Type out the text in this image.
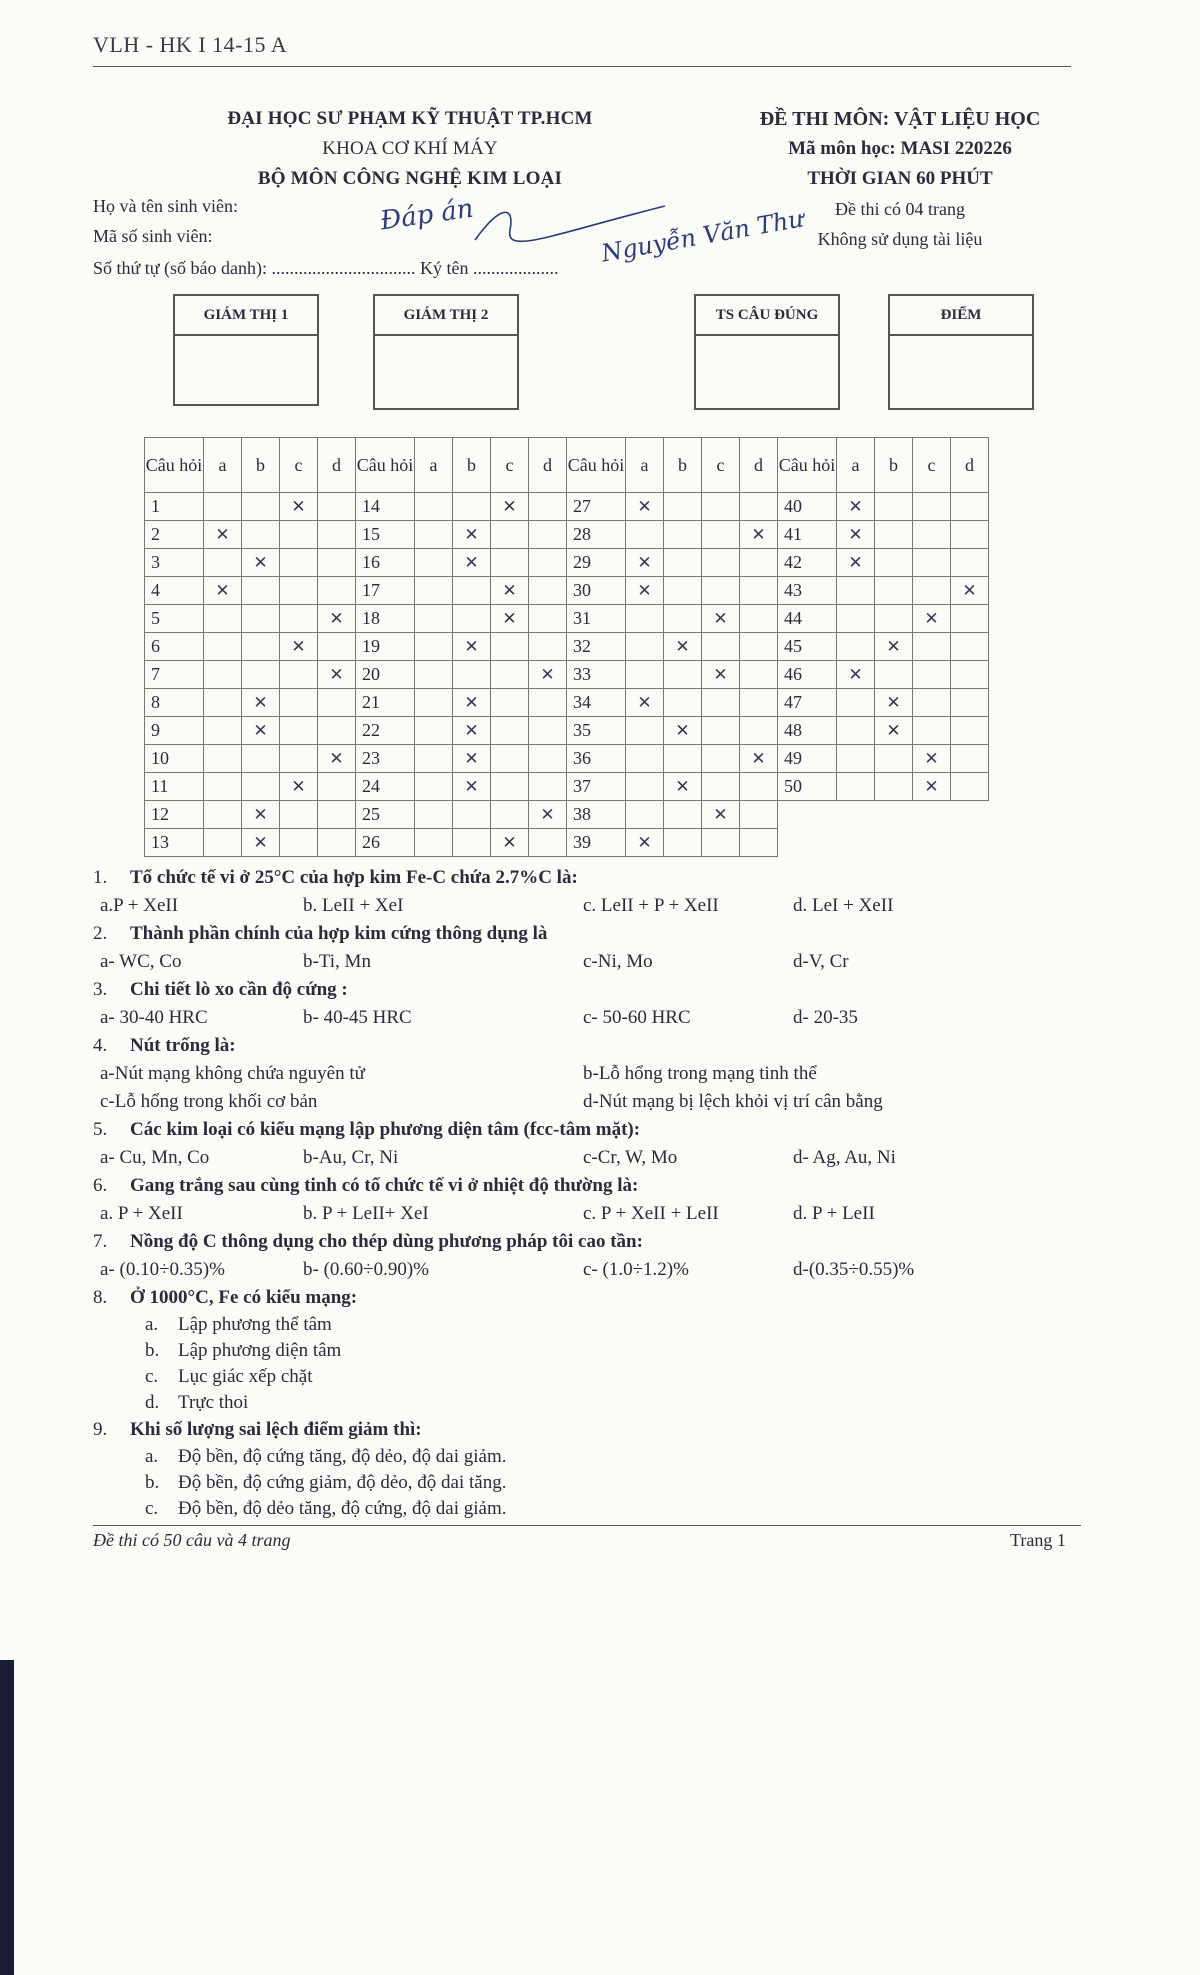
VLH - HK I 14-15 A
ĐẠI HỌC SƯ PHẠM KỸ THUẬT TP.HCM
KHOA CƠ KHÍ MÁY
BỘ MÔN CÔNG NGHỆ KIM LOẠI
ĐỀ THI MÔN: VẬT LIỆU HỌC
Mã môn học: MASI 220226
THỜI GIAN 60 PHÚT
Đề thi có 04 trang
Không sử dụng tài liệu
Họ và tên sinh viên:
Mã số sinh viên:
Số thứ tự (số báo danh): ................................ Ký tên ...................
Đáp án	Nguyễn Văn Thư
GIÁM THỊ 1	GIÁM THỊ 2	TS CÂU ĐÚNG	ĐIỂM
Câu hỏi	a	b	c	d	Câu hỏi	a	b	c	d	Câu hỏi	a	b	c	d	Câu hỏi	a	b	c	d
1			✕		14			✕		27	✕				40	✕			
2	✕				15		✕			28				✕	41	✕			
3		✕			16		✕			29	✕				42	✕			
4	✕				17			✕		30	✕				43				✕
5				✕	18			✕		31			✕		44			✕	
6			✕		19		✕			32		✕			45		✕		
7				✕	20				✕	33			✕		46	✕			
8		✕			21		✕			34	✕				47		✕		
9		✕			22		✕			35		✕			48		✕		
10				✕	23		✕			36				✕	49			✕	
11			✕		24		✕			37		✕			50			✕	
12		✕			25				✕	38			✕						
13		✕			26			✕		39	✕								
1. Tổ chức tế vi ở 25°C của hợp kim Fe-C chứa 2.7%C là:
a.P + XeII	b. LeII + XeI	c. LeII + P + XeII	d. LeI + XeII
2. Thành phần chính của hợp kim cứng thông dụng là
a- WC, Co	b-Ti, Mn	c-Ni, Mo	d-V, Cr
3. Chi tiết lò xo cần độ cứng :
a- 30-40 HRC	b- 40-45 HRC	c- 50-60 HRC	d- 20-35
4. Nút trống là:
a-Nút mạng không chứa nguyên tử	b-Lỗ hổng trong mạng tinh thể
c-Lỗ hổng trong khối cơ bản	d-Nút mạng bị lệch khỏi vị trí cân bằng
5. Các kim loại có kiểu mạng lập phương diện tâm (fcc-tâm mặt):
a- Cu, Mn, Co	b-Au, Cr, Ni	c-Cr, W, Mo	d- Ag, Au, Ni
6. Gang trắng sau cùng tinh có tổ chức tế vi ở nhiệt độ thường là:
a. P + XeII	b. P + LeII+ XeI	c. P + XeII + LeII	d. P + LeII
7. Nồng độ C thông dụng cho thép dùng phương pháp tôi cao tần:
a- (0.10÷0.35)%	b- (0.60÷0.90)%	c- (1.0÷1.2)%	d-(0.35÷0.55)%
8. Ở 1000°C, Fe có kiểu mạng:
a. Lập phương thể tâm
b. Lập phương diện tâm
c. Lục giác xếp chặt
d. Trực thoi
9. Khi số lượng sai lệch điểm giảm thì:
a. Độ bền, độ cứng tăng, độ dẻo, độ dai giảm.
b. Độ bền, độ cứng giảm, độ dẻo, độ dai tăng.
c. Độ bền, độ dẻo tăng, độ cứng, độ dai giảm.
Đề thi có 50 câu và 4 trang	Trang 1
